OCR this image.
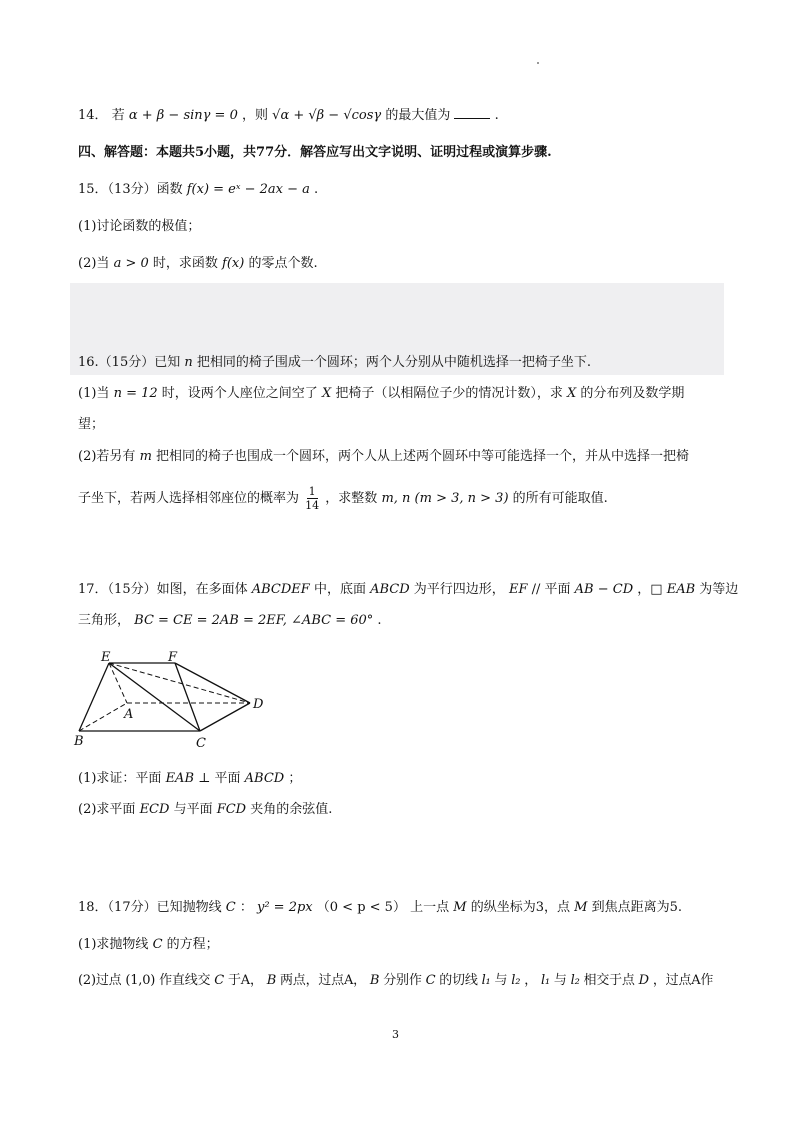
14． 若 α + β − sinγ = 0 ，则 √α + √β − √cosγ 的最大值为	.
四、解答题：本题共5小题，共77分．解答应写出文字说明、证明过程或演算步骤.
15．（13分）函数 f(x) = eˣ − 2ax − a .
(1)讨论函数的极值；
(2)当 a > 0 时，求函数 f(x) 的零点个数.
16.（15分）已知 n 把相同的椅子围成一个圆环；两个人分别从中随机选择一把椅子坐下.
(1)当 n = 12 时，设两个人座位之间空了 X 把椅子（以相隔位子少的情况计数），求 X 的分布列及数学期
望；
(2)若另有 m 把相同的椅子也围成一个圆环，两个人从上述两个圆环中等可能选择一个，并从中选择一把椅
子坐下，若两人选择相邻座位的概率为 $\frac{1}{14}$ ，求整数 m, n (m > 3, n > 3) 的所有可能取值.
17．（15分）如图，在多面体 ABCDEF 中，底面 ABCD 为平行四边形， EF // 平面 AB − CD ，□ EAB 为等边
三角形， BC = CE = 2AB = 2EF, ∠ABC = 60° .
E	F
A
B	C
D
(1)求证：平面 EAB ⊥ 平面 ABCD ；
(2)求平面 ECD 与平面 FCD 夹角的余弦值.
18．（17分）已知抛物线 C ： y² = 2px （0 < p < 5） 上一点 M 的纵坐标为3，点 M 到焦点距离为5.
(1)求抛物线 C 的方程；
(2)过点 (1,0) 作直线交 C 于A， B 两点，过点A， B 分别作 C 的切线 l₁ 与 l₂ ， l₁ 与 l₂ 相交于点 D ，过点A作
3
